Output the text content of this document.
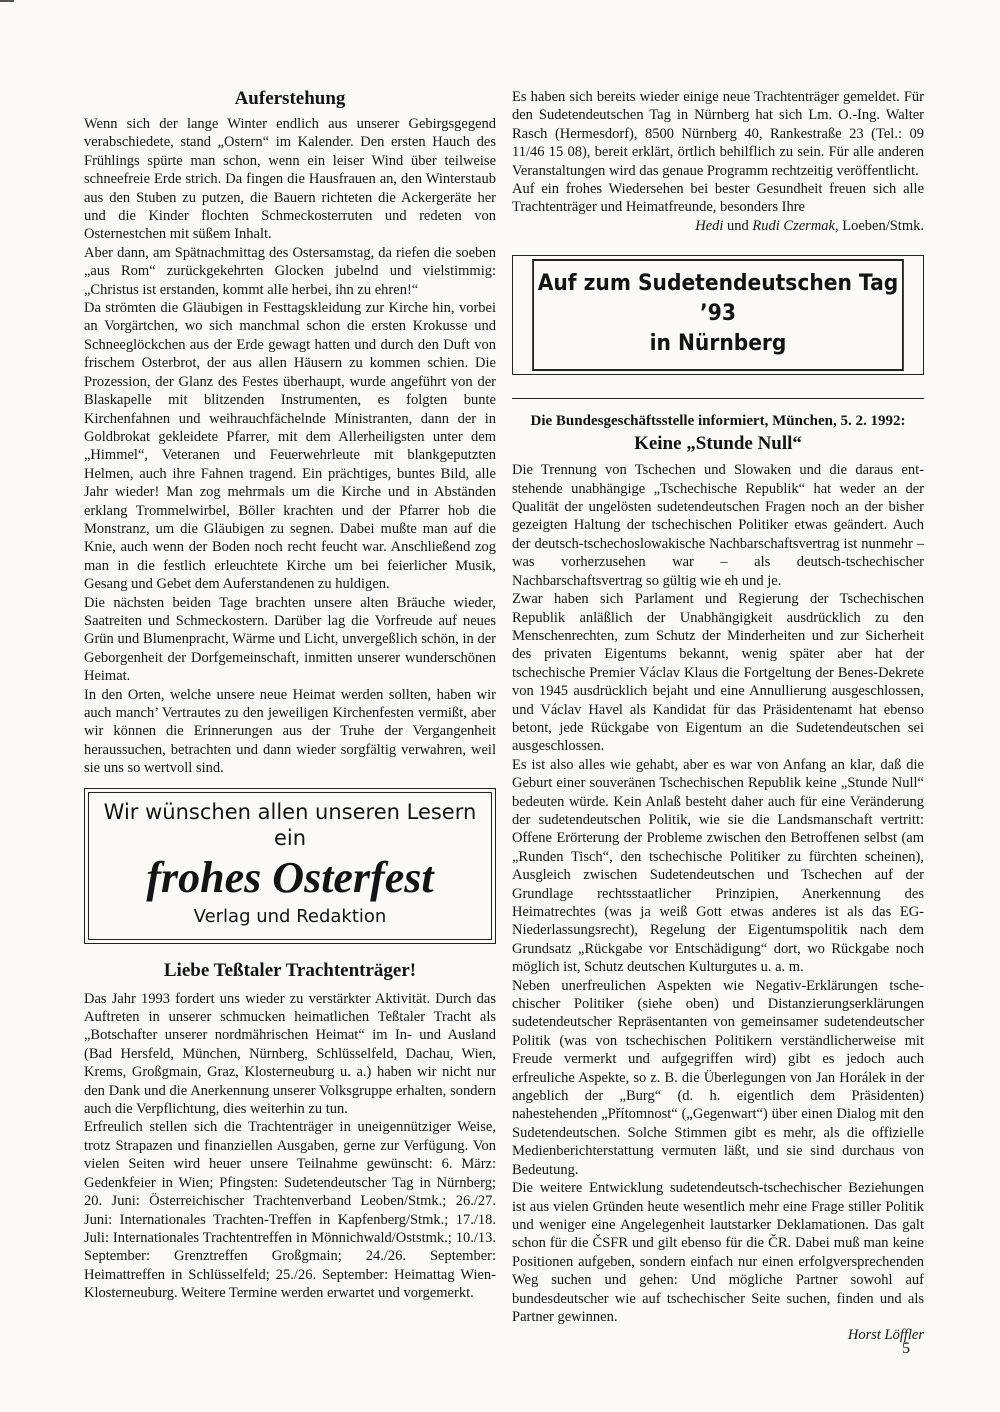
Auferstehung

Wenn sich der lange Winter endlich aus unserer Gebirgsgegend verabschiedete, stand „Ostern“ im Kalender. Den ersten Hauch des Frühlings spürte man schon, wenn ein leiser Wind über teilweise schneefreie Erde strich. Da fingen die Hausfrauen an, den Winterstaub aus den Stuben zu putzen, die Bauern richteten die Ackergeräte her und die Kinder flochten Schmeckosterruten und redeten von Osternestchen mit süßem Inhalt.

Aber dann, am Spätnachmittag des Ostersamstag, da riefen die soeben „aus Rom“ zurückgekehrten Glocken jubelnd und vielstimmig: „Christus ist erstanden, kommt alle herbei, ihn zu ehren!“

Da strömten die Gläubigen in Festtagskleidung zur Kirche hin, vorbei an Vorgärtchen, wo sich manchmal schon die ersten Krokusse und Schneeglöckchen aus der Erde gewagt hatten und durch den Duft von frischem Osterbrot, der aus allen Häusern zu kommen schien. Die Prozession, der Glanz des Festes überhaupt, wurde angeführt von der Blaskapelle mit blitzenden Instrumenten, es folgten bunte Kirchenfahnen und weihrauchfächelnde Ministranten, dann der in Goldbrokat gekleidete Pfarrer, mit dem Allerheiligsten unter dem „Himmel“, Veteranen und Feuerwehrleute mit blankgeputzten Helmen, auch ihre Fahnen tragend. Ein prächtiges, buntes Bild, alle Jahr wieder! Man zog mehrmals um die Kirche und in Abständen erklang Trommelwirbel, Böller krachten und der Pfarrer hob die Monstranz, um die Gläubigen zu segnen. Dabei mußte man auf die Knie, auch wenn der Boden noch recht feucht war. Anschließend zog man in die festlich erleuchtete Kirche um bei feierlicher Musik, Gesang und Gebet dem Auferstandenen zu huldigen.

Die nächsten beiden Tage brachten unsere alten Bräuche wieder, Saatreiten und Schmeckostern. Darüber lag die Vorfreude auf neues Grün und Blumenpracht, Wärme und Licht, unvergeßlich schön, in der Geborgenheit der Dorfgemeinschaft, inmitten unserer wunderschönen Heimat.

In den Orten, welche unsere neue Heimat werden sollten, haben wir auch manch’ Vertrautes zu den jeweiligen Kirchenfesten vermißt, aber wir können die Erinnerungen aus der Truhe der Vergangenheit heraussuchen, betrachten und dann wieder sorgfältig verwahren, weil sie uns so wertvoll sind.

Wir wünschen allen unseren Lesern ein
frohes Osterfest
Verlag und Redaktion
Liebe Teßtaler Trachtenträger!

Das Jahr 1993 fordert uns wieder zu verstärkter Aktivität. Durch das Auftreten in unserer schmucken heimatlichen Teßtaler Tracht als „Botschafter unserer nordmährischen Heimat“ im In- und Ausland (Bad Hersfeld, München, Nürnberg, Schlüsselfeld, Dachau, Wien, Krems, Großgmain, Graz, Klosterneuburg u. a.) haben wir nicht nur den Dank und die Anerkennung unserer Volksgruppe erhalten, sondern auch die Verpflichtung, dies weiterhin zu tun.

Erfreulich stellen sich die Trachtenträger in uneigennütziger Weise, trotz Strapazen und finanziellen Ausgaben, gerne zur Verfügung. Von vielen Seiten wird heuer unsere Teilnahme gewünscht: 6. März: Gedenkfeier in Wien; Pfingsten: Sudetendeutscher Tag in Nürnberg; 20. Juni: Österreichischer Trachtenverband Leoben/Stmk.; 26./27. Juni: Internationales Trachten-Treffen in Kapfenberg/Stmk.; 17./18. Juli: Internationales Trachtentreffen in Mönnichwald/Oststmk.; 10./13. September: Grenztreffen Großgmain; 24./26. September: Heimattreffen in Schlüsselfeld; 25./26. September: Heimattag Wien-Klosterneuburg. Weitere Termine werden erwartet und vorgemerkt.

Es haben sich bereits wieder einige neue Trachtenträger gemeldet. Für den Sudetendeutschen Tag in Nürnberg hat sich Lm. O.-Ing. Walter Rasch (Hermesdorf), 8500 Nürnberg 40, Rankestraße 23 (Tel.: 09 11/46 15 08), bereit erklärt, örtlich behilflich zu sein. Für alle anderen Veranstaltungen wird das genaue Programm rechtzeitig veröffentlicht.

Auf ein frohes Wiedersehen bei bester Gesundheit freuen sich alle Trachtenträger und Heimatfreunde, besonders Ihre

Hedi und Rudi Czermak, Loeben/Stmk.

Auf zum Sudetendeutschen Tag ’93
in Nürnberg
Die Bundesgeschäftsstelle informiert, München, 5. 2. 1992:
Keine „Stunde Null“

Die Trennung von Tschechen und Slowaken und die daraus entstehende unabhängige „Tschechische Republik“ hat weder an der Qualität der ungelösten sudetendeutschen Fragen noch an der bisher gezeigten Haltung der tschechischen Politiker etwas geändert. Auch der deutsch-tschechoslowakische Nachbarschaftsvertrag ist nunmehr – was vorherzusehen war – als deutsch-tschechischer Nachbarschaftsvertrag so gültig wie eh und je.

Zwar haben sich Parlament und Regierung der Tschechischen Republik anläßlich der Unabhängigkeit ausdrücklich zu den Menschenrechten, zum Schutz der Minderheiten und zur Sicherheit des privaten Eigentums bekannt, wenig später aber hat der tschechische Premier Václav Klaus die Fortgeltung der Benes-Dekrete von 1945 ausdrücklich bejaht und eine Annullierung ausgeschlossen, und Václav Havel als Kandidat für das Präsidentenamt hat ebenso betont, jede Rückgabe von Eigentum an die Sudetendeutschen sei ausgeschlossen.

Es ist also alles wie gehabt, aber es war von Anfang an klar, daß die Geburt einer souveränen Tschechischen Republik keine „Stunde Null“ bedeuten würde. Kein Anlaß besteht daher auch für eine Veränderung der sudetendeutschen Politik, wie sie die Landsmanschaft vertritt: Offene Erörterung der Probleme zwischen den Betroffenen selbst (am „Runden Tisch“, den tschechische Politiker zu fürchten scheinen), Ausgleich zwischen Sudetendeutschen und Tschechen auf der Grundlage rechtsstaatlicher Prinzipien, Anerkennung des Heimatrechtes (was ja weiß Gott etwas anderes ist als das EG-Niederlassungsrecht), Regelung der Eigentumspolitik nach dem Grundsatz „Rückgabe vor Entschädigung“ dort, wo Rückgabe noch möglich ist, Schutz deutschen Kulturgutes u. a. m.

Neben unerfreulichen Aspekten wie Negativ-Erklärungen tschechischer Politiker (siehe oben) und Distanzierungserklärungen sudetendeutscher Repräsentanten von gemeinsamer sudetendeutscher Politik (was von tschechischen Politikern verständlicherweise mit Freude vermerkt und aufgegriffen wird) gibt es jedoch auch erfreuliche Aspekte, so z. B. die Überlegungen von Jan Horálek in der angeblich der „Burg“ (d. h. eigentlich dem Präsidenten) nahestehenden „Přítomnost“ („Gegenwart“) über einen Dialog mit den Sudetendeutschen. Solche Stimmen gibt es mehr, als die offizielle Medienberichterstattung vermuten läßt, und sie sind durchaus von Bedeutung.

Die weitere Entwicklung sudetendeutsch-tschechischer Beziehungen ist aus vielen Gründen heute wesentlich mehr eine Frage stiller Politik und weniger eine Angelegenheit lautstarker Deklamationen. Das galt schon für die ČSFR und gilt ebenso für die ČR. Dabei muß man keine Positionen aufgeben, sondern einfach nur einen erfolgversprechenden Weg suchen und gehen: Und mögliche Partner sowohl auf bundesdeutscher wie auf tschechischer Seite suchen, finden und als Partner gewinnen.

Horst Löffler

5
